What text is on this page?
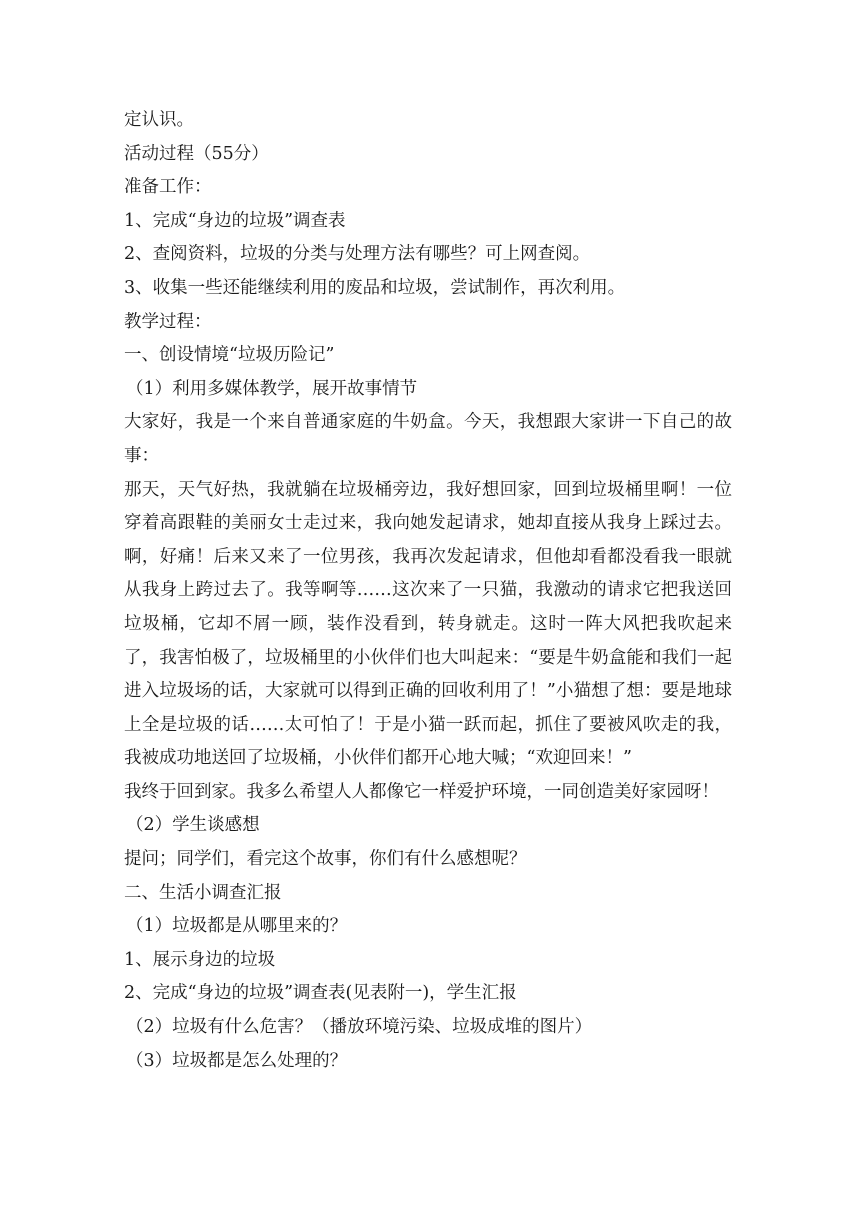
定认识。
活动过程（55分）
准备工作：
1、完成“身边的垃圾”调查表
2、查阅资料，垃圾的分类与处理方法有哪些？可上网查阅。
3、收集一些还能继续利用的废品和垃圾，尝试制作，再次利用。
教学过程：
一、创设情境“垃圾历险记”
（1）利用多媒体教学，展开故事情节
大家好，我是一个来自普通家庭的牛奶盒。今天，我想跟大家讲一下自己的故事：
那天，天气好热，我就躺在垃圾桶旁边，我好想回家，回到垃圾桶里啊！一位穿着高跟鞋的美丽女士走过来，我向她发起请求，她却直接从我身上踩过去。啊，好痛！后来又来了一位男孩，我再次发起请求，但他却看都没看我一眼就从我身上跨过去了。我等啊等……这次来了一只猫，我激动的请求它把我送回垃圾桶，它却不屑一顾，装作没看到，转身就走。这时一阵大风把我吹起来了，我害怕极了，垃圾桶里的小伙伴们也大叫起来：“要是牛奶盒能和我们一起进入垃圾场的话，大家就可以得到正确的回收利用了！”小猫想了想：要是地球上全是垃圾的话……太可怕了！于是小猫一跃而起，抓住了要被风吹走的我，我被成功地送回了垃圾桶，小伙伴们都开心地大喊；“欢迎回来！”
我终于回到家。我多么希望人人都像它一样爱护环境，一同创造美好家园呀！
（2）学生谈感想
提问；同学们，看完这个故事，你们有什么感想呢？
二、生活小调查汇报
（1）垃圾都是从哪里来的？
1、展示身边的垃圾
2、完成“身边的垃圾”调查表(见表附一)，学生汇报
（2）垃圾有什么危害？（播放环境污染、垃圾成堆的图片）
（3）垃圾都是怎么处理的？
